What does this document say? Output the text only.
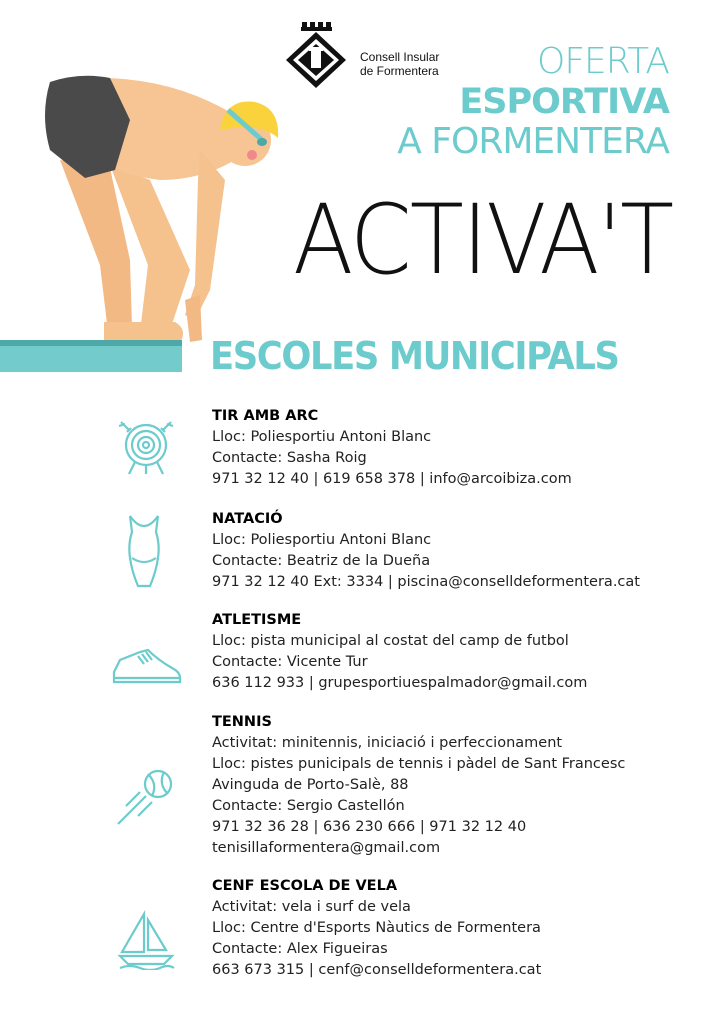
Consell Insular
de Formentera	OFERTA
ESPORTIVA
A FORMENTERA
ACTIVA'T
ESCOLES MUNICIPALS
TIR AMB ARC
Lloc: Poliesportiu Antoni Blanc
Contacte: Sasha Roig
971 32 12 40 | 619 658 378 | info@arcoibiza.com
NATACIÓ
Lloc: Poliesportiu Antoni Blanc
Contacte: Beatriz de la Dueña
971 32 12 40 Ext: 3334 | piscina@conselldeformentera.cat
ATLETISME
Lloc: pista municipal al costat del camp de futbol
Contacte: Vicente Tur
636 112 933 | grupesportiuespalmador@gmail.com
TENNIS
Activitat: minitennis, iniciació i perfeccionament
Lloc: pistes punicipals de tennis i pàdel de Sant Francesc
Avinguda de Porto-Salè, 88
Contacte: Sergio Castellón
971 32 36 28 | 636 230 666 | 971 32 12 40
tenisillaformentera@gmail.com
CENF ESCOLA DE VELA
Activitat: vela i surf de vela
Lloc: Centre d'Esports Nàutics de Formentera
Contacte: Alex Figueiras
663 673 315 | cenf@conselldeformentera.cat
